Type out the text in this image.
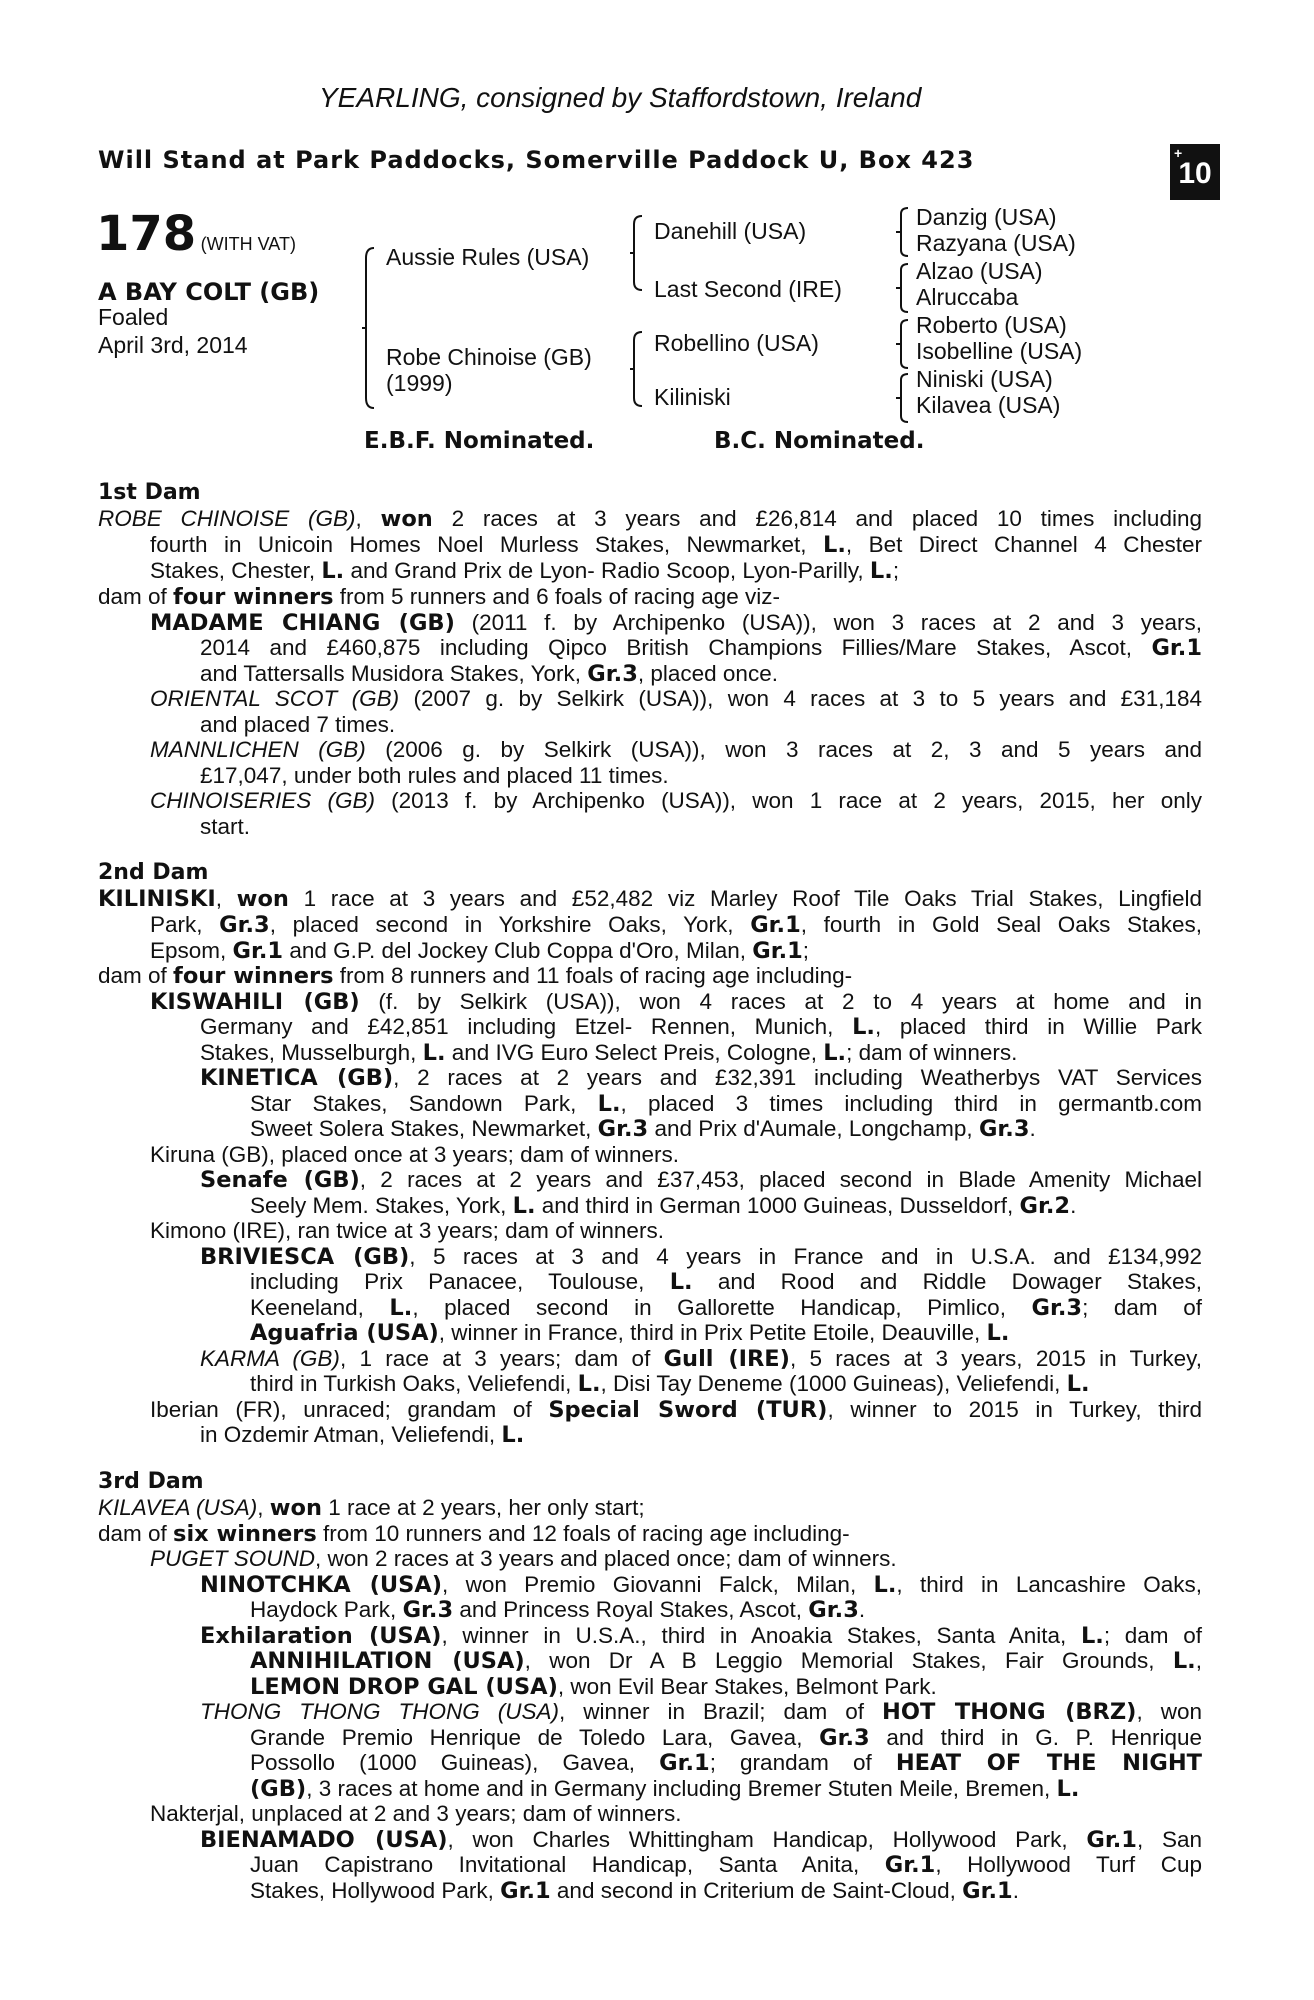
YEARLING, consigned by Staffordstown, Ireland
Will Stand at Park Paddocks, Somerville Paddock U, Box 423	+
10
178 (WITH VAT)
A BAY COLT (GB)
Foaled
April 3rd, 2014
Aussie Rules (USA)
Robe Chinoise (GB)
(1999)
Danehill (USA)
Last Second (IRE)
Robellino (USA)
Kiliniski
Danzig (USA)
Razyana (USA)
Alzao (USA)
Alruccaba
Roberto (USA)
Isobelline (USA)
Niniski (USA)
Kilavea (USA)
E.B.F. Nominated.	B.C. Nominated.
1st Dam
ROBE CHINOISE (GB), won 2 races at 3 years and £26,814 and placed 10 times including
fourth in Unicoin Homes Noel Murless Stakes, Newmarket, L., Bet Direct Channel 4 Chester
Stakes, Chester, L. and Grand Prix de Lyon- Radio Scoop, Lyon-Parilly, L.;
dam of four winners from 5 runners and 6 foals of racing age viz-
MADAME CHIANG (GB) (2011 f. by Archipenko (USA)), won 3 races at 2 and 3 years,
2014 and £460,875 including Qipco British Champions Fillies/Mare Stakes, Ascot, Gr.1
and Tattersalls Musidora Stakes, York, Gr.3, placed once.
ORIENTAL SCOT (GB) (2007 g. by Selkirk (USA)), won 4 races at 3 to 5 years and £31,184
and placed 7 times.
MANNLICHEN (GB) (2006 g. by Selkirk (USA)), won 3 races at 2, 3 and 5 years and
£17,047, under both rules and placed 11 times.
CHINOISERIES (GB) (2013 f. by Archipenko (USA)), won 1 race at 2 years, 2015, her only
start.
2nd Dam
KILINISKI, won 1 race at 3 years and £52,482 viz Marley Roof Tile Oaks Trial Stakes, Lingfield
Park, Gr.3, placed second in Yorkshire Oaks, York, Gr.1, fourth in Gold Seal Oaks Stakes,
Epsom, Gr.1 and G.P. del Jockey Club Coppa d'Oro, Milan, Gr.1;
dam of four winners from 8 runners and 11 foals of racing age including-
KISWAHILI (GB) (f. by Selkirk (USA)), won 4 races at 2 to 4 years at home and in
Germany and £42,851 including Etzel- Rennen, Munich, L., placed third in Willie Park
Stakes, Musselburgh, L. and IVG Euro Select Preis, Cologne, L.; dam of winners.
KINETICA (GB), 2 races at 2 years and £32,391 including Weatherbys VAT Services
Star Stakes, Sandown Park, L., placed 3 times including third in germantb.com
Sweet Solera Stakes, Newmarket, Gr.3 and Prix d'Aumale, Longchamp, Gr.3.
Kiruna (GB), placed once at 3 years; dam of winners.
Senafe (GB), 2 races at 2 years and £37,453, placed second in Blade Amenity Michael
Seely Mem. Stakes, York, L. and third in German 1000 Guineas, Dusseldorf, Gr.2.
Kimono (IRE), ran twice at 3 years; dam of winners.
BRIVIESCA (GB), 5 races at 3 and 4 years in France and in U.S.A. and £134,992
including Prix Panacee, Toulouse, L. and Rood and Riddle Dowager Stakes,
Keeneland, L., placed second in Gallorette Handicap, Pimlico, Gr.3; dam of
Aguafria (USA), winner in France, third in Prix Petite Etoile, Deauville, L.
KARMA (GB), 1 race at 3 years; dam of Gull (IRE), 5 races at 3 years, 2015 in Turkey,
third in Turkish Oaks, Veliefendi, L., Disi Tay Deneme (1000 Guineas), Veliefendi, L.
Iberian (FR), unraced; grandam of Special Sword (TUR), winner to 2015 in Turkey, third
in Ozdemir Atman, Veliefendi, L.
3rd Dam
KILAVEA (USA), won 1 race at 2 years, her only start;
dam of six winners from 10 runners and 12 foals of racing age including-
PUGET SOUND, won 2 races at 3 years and placed once; dam of winners.
NINOTCHKA (USA), won Premio Giovanni Falck, Milan, L., third in Lancashire Oaks,
Haydock Park, Gr.3 and Princess Royal Stakes, Ascot, Gr.3.
Exhilaration (USA), winner in U.S.A., third in Anoakia Stakes, Santa Anita, L.; dam of
ANNIHILATION (USA), won Dr A B Leggio Memorial Stakes, Fair Grounds, L.,
LEMON DROP GAL (USA), won Evil Bear Stakes, Belmont Park.
THONG THONG THONG (USA), winner in Brazil; dam of HOT THONG (BRZ), won
Grande Premio Henrique de Toledo Lara, Gavea, Gr.3 and third in G. P. Henrique
Possollo (1000 Guineas), Gavea, Gr.1; grandam of HEAT OF THE NIGHT
(GB), 3 races at home and in Germany including Bremer Stuten Meile, Bremen, L.
Nakterjal, unplaced at 2 and 3 years; dam of winners.
BIENAMADO (USA), won Charles Whittingham Handicap, Hollywood Park, Gr.1, San
Juan Capistrano Invitational Handicap, Santa Anita, Gr.1, Hollywood Turf Cup
Stakes, Hollywood Park, Gr.1 and second in Criterium de Saint-Cloud, Gr.1.
